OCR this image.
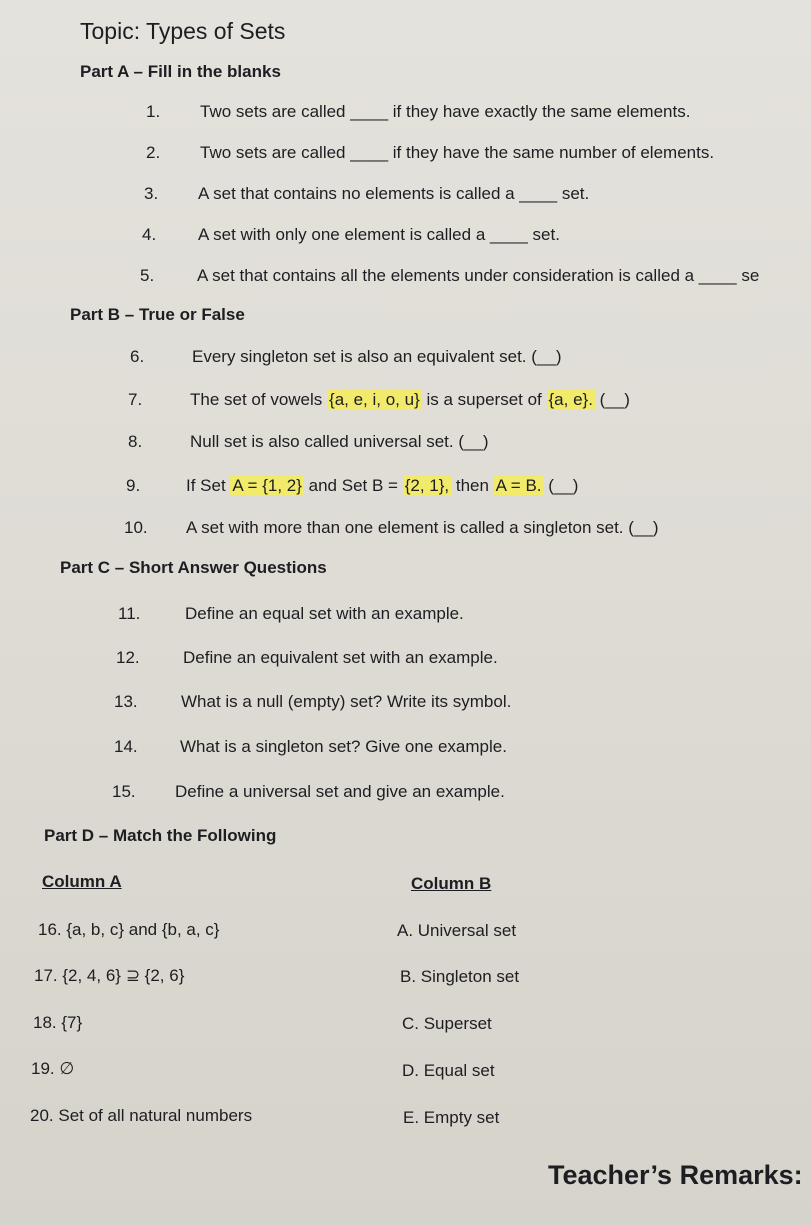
Topic: Types of Sets
Part A – Fill in the blanks
1. Two sets are called ____ if they have exactly the same elements.
2. Two sets are called ____ if they have the same number of elements.
3. A set that contains no elements is called a ____ set.
4. A set with only one element is called a ____ set.
5.	A set that contains all the elements under consideration is called a ____ se
Part B – True or False
6.	Every singleton set is also an equivalent set. (__)
7.	The set of vowels {a, e, i, o, u} is a superset of {a, e}. (__)
8.	Null set is also called universal set. (__)
9.	If Set A = {1, 2} and Set B = {2, 1}, then A = B. (__)
10. A set with more than one element is called a singleton set. (__)
Part C – Short Answer Questions
11.	Define an equal set with an example.
12.	Define an equivalent set with an example.
13.	What is a null (empty) set? Write its symbol.
14. What is a singleton set? Give one example.
15. Define a universal set and give an example.
Part D – Match the Following
Column A	Column B
16. {a, b, c} and {b, a, c}	A. Universal set
17. {2, 4, 6} ⊇ {2, 6}	B. Singleton set
18. {7}	C. Superset
19. ∅	D. Equal set
20. Set of all natural numbers	E. Empty set
Teacher’s Remarks:
